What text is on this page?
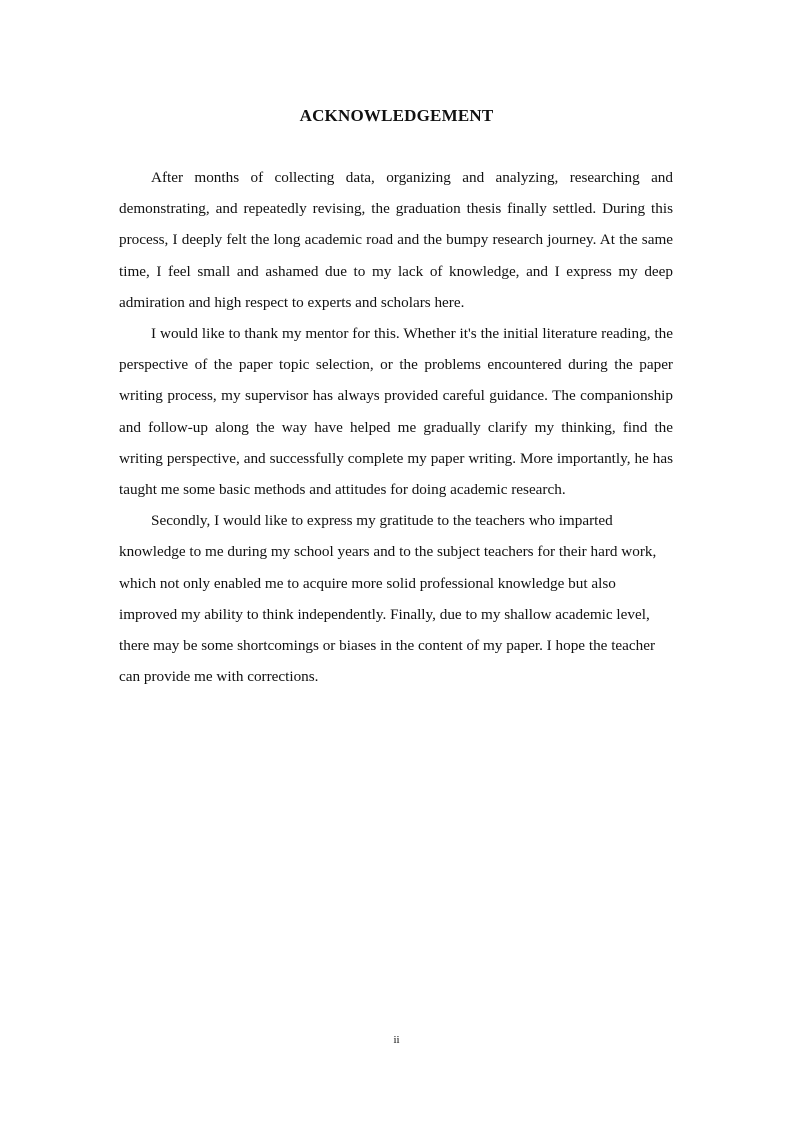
ACKNOWLEDGEMENT

After months of collecting data, organizing and analyzing, researching and demonstrating, and repeatedly revising, the graduation thesis finally settled. During this process, I deeply felt the long academic road and the bumpy research journey. At the same time, I feel small and ashamed due to my lack of knowledge, and I express my deep admiration and high respect to experts and scholars here.

I would like to thank my mentor for this. Whether it's the initial literature reading, the perspective of the paper topic selection, or the problems encountered during the paper writing process, my supervisor has always provided careful guidance. The companionship and follow-up along the way have helped me gradually clarify my thinking, find the writing perspective, and successfully complete my paper writing. More importantly, he has taught me some basic methods and attitudes for doing academic research.

Secondly, I would like to express my gratitude to the teachers who imparted knowledge to me during my school years and to the subject teachers for their hard work, which not only enabled me to acquire more solid professional knowledge but also improved my ability to think independently. Finally, due to my shallow academic level, there may be some shortcomings or biases in the content of my paper. I hope the teacher can provide me with corrections.

ii
